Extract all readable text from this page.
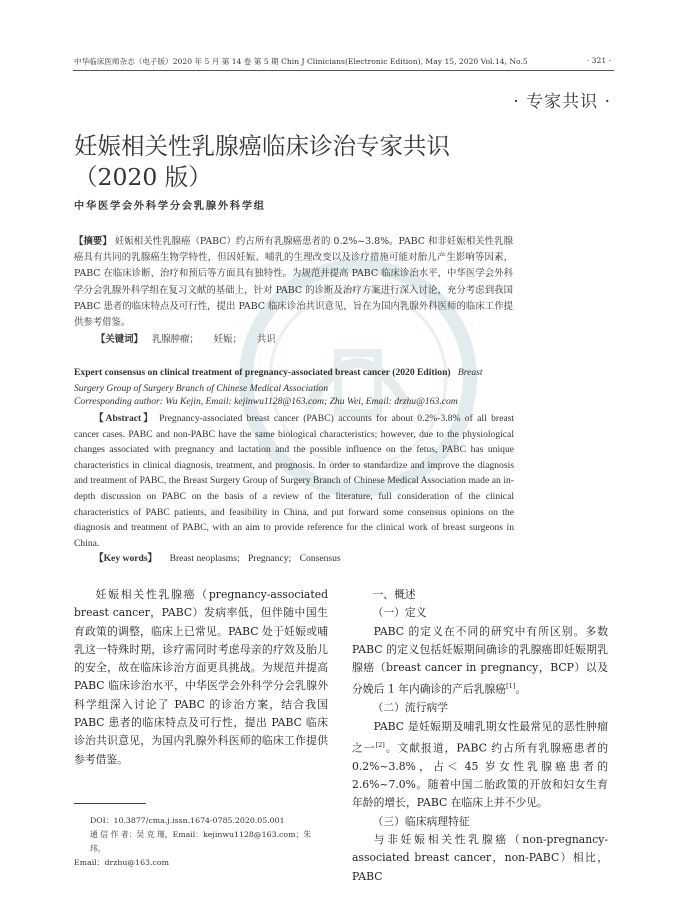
中华临床医师杂志（电子版）2020 年 5 月 第 14 卷 第 5 期 Chin J Clinicians(Electronic Edition), May 15, 2020 Vol.14, No.5	· 321 ·
· 专家共识 ·
妊娠相关性乳腺癌临床诊治专家共识
（2020 版）
中华医学会外科学分会乳腺外科学组
【摘要】 妊娠相关性乳腺癌（PABC）约占所有乳腺癌患者的 0.2%~3.8%。PABC 和非妊娠相关性乳腺癌具有共同的乳腺癌生物学特性，但因妊娠、哺乳的生理改变以及诊疗措施可能对胎儿产生影响等因素，PABC 在临床诊断、治疗和预后等方面具有独特性。为规范并提高 PABC 临床诊治水平，中华医学会外科学分会乳腺外科学组在复习文献的基础上，针对 PABC 的诊断及治疗方案进行深入讨论，充分考虑到我国 PABC 患者的临床特点及可行性，提出 PABC 临床诊治共识意见，旨在为国内乳腺外科医师的临床工作提供参考借鉴。
【关键词】 乳腺肿瘤； 妊娠； 共识
Expert consensus on clinical treatment of pregnancy-associated breast cancer (2020 Edition) Breast Surgery Group of Surgery Branch of Chinese Medical Association
Corresponding author: Wu Kejin, Email: kejinwu1128@163.com; Zhu Wei, Email: drzhu@163.com
【Abstract】 Pregnancy-associated breast cancer (PABC) accounts for about 0.2%-3.8% of all breast cancer cases. PABC and non-PABC have the same biological characteristics; however, due to the physiological changes associated with pregnancy and lactation and the possible influence on the fetus, PABC has unique characteristics in clinical diagnosis, treatment, and prognosis. In order to standardize and improve the diagnosis and treatment of PABC, the Breast Surgery Group of Surgery Branch of Chinese Medical Association made an in-depth discussion on PABC on the basis of a review of the literature, full consideration of the clinical characteristics of PABC patients, and feasibility in China, and put forward some consensus opinions on the diagnosis and treatment of PABC, with an aim to provide reference for the clinical work of breast surgeons in China.
【Key words】 Breast neoplasms; Pregnancy; Consensus

妊娠相关性乳腺癌（pregnancy-associated breast cancer，PABC）发病率低，但伴随中国生育政策的调整，临床上已常见。PABC 处于妊娠或哺乳这一特殊时期，诊疗需同时考虑母亲的疗效及胎儿的安全，故在临床诊治方面更具挑战。为规范并提高 PABC 临床诊治水平，中华医学会外科学分会乳腺外科学组深入讨论了 PABC 的诊治方案，结合我国 PABC 患者的临床特点及可行性，提出 PABC 临床诊治共识意见，为国内乳腺外科医师的临床工作提供参考借鉴。

一、概述

（一）定义

PABC 的定义在不同的研究中有所区别。多数 PABC 的定义包括妊娠期间确诊的乳腺癌即妊娠期乳腺癌（breast cancer in pregnancy，BCP）以及分娩后 1 年内确诊的产后乳腺癌[1]。

（二）流行病学

PABC 是妊娠期及哺乳期女性最常见的恶性肿瘤之一[2]。文献报道，PABC 约占所有乳腺癌患者的 0.2%~3.8%，占＜ 45 岁女性乳腺癌患者的 2.6%~7.0%。随着中国二胎政策的开放和妇女生育年龄的增长，PABC 在临床上并不少见。

（三）临床病理特征

与非妊娠相关性乳腺癌（non-pregnancy-associated breast cancer，non-PABC）相比，PABC

DOI：10.3877/cma.j.issn.1674-0785.2020.05.001

通 信 作 者：吴 克 瑾，Email：kejinwu1128@163.com；朱 玮，

Email：drzhu@163.com
